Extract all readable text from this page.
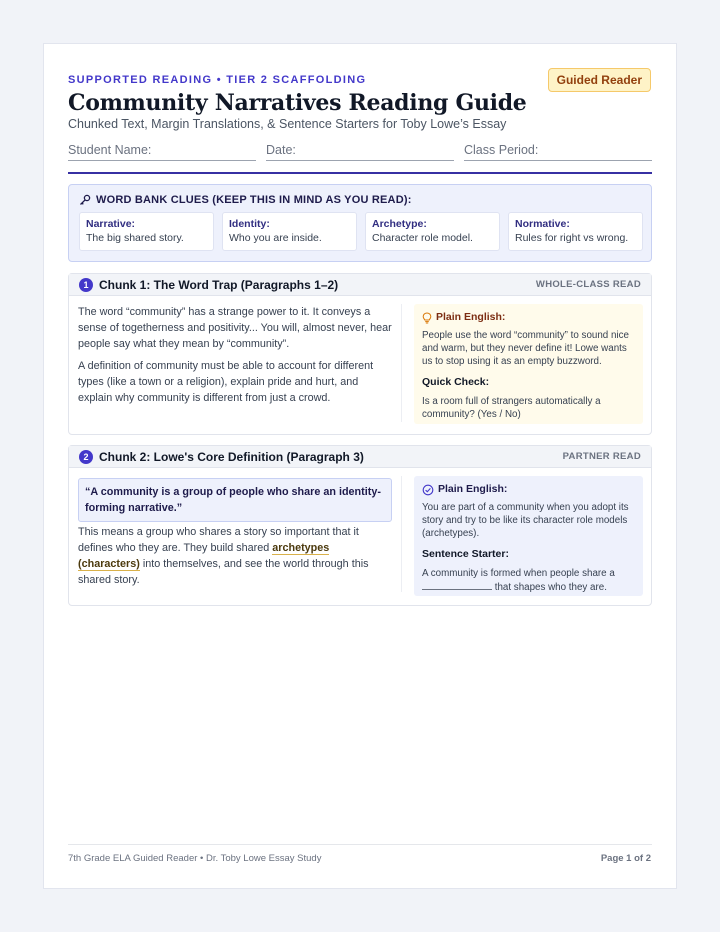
SUPPORTED READING • TIER 2 SCAFFOLDING	Guided Reader
Community Narratives Reading Guide
Chunked Text, Margin Translations, & Sentence Starters for Toby Lowe’s Essay
Student Name:	Date:	Class Period:
WORD BANK CLUES (KEEP THIS IN MIND AS YOU READ):
Narrative:
The big shared story.
Identity:
Who you are inside.
Archetype:
Character role model.
Normative:
Rules for right vs wrong.
1 Chunk 1: The Word Trap (Paragraphs 1–2)	WHOLE-CLASS READ

The word “community” has a strange power to it. It conveys a sense of togetherness and positivity... You will, almost never, hear people say what they mean by “community”.

A definition of community must be able to account for different types (like a town or a religion), explain pride and hurt, and explain why community is different from just a crowd.

Plain English:

People use the word “community” to sound nice and warm, but they never define it! Lowe wants us to stop using it as an empty buzzword.

Quick Check:

Is a room full of strangers automatically a community? (Yes / No)

2 Chunk 2: Lowe's Core Definition (Paragraph 3)	PARTNER READ
“A community is a group of people who share an identity-forming narrative.”

This means a group who shares a story so important that it defines who they are. They build shared archetypes (characters) into themselves, and see the world through this shared story.

Plain English:

You are part of a community when you adopt its story and try to be like its character role models (archetypes).

Sentence Starter:

A community is formed when people share a  that shapes who they are.

7th Grade ELA Guided Reader • Dr. Toby Lowe Essay Study	Page 1 of 2
